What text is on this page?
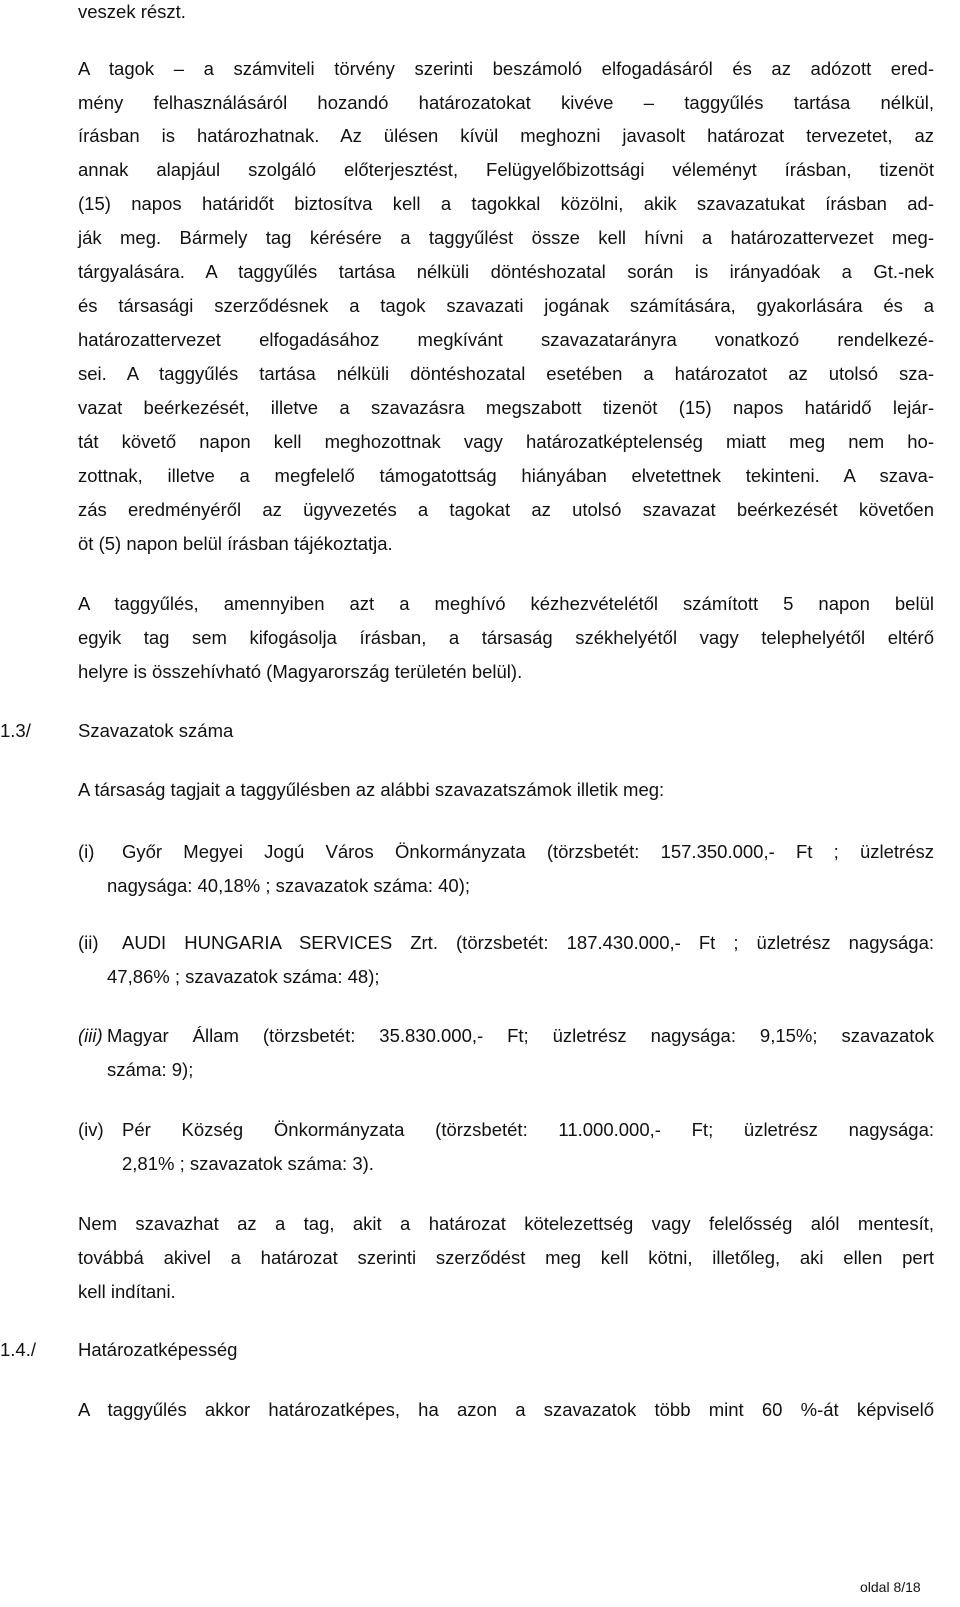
veszek részt.
A tagok – a számviteli törvény szerinti beszámoló elfogadásáról és az adózott ered-
mény felhasználásáról hozandó határozatokat kivéve – taggyűlés tartása nélkül,
írásban is határozhatnak. Az ülésen kívül meghozni javasolt határozat tervezetet, az
annak alapjául szolgáló előterjesztést, Felügyelőbizottsági véleményt írásban, tizenöt
(15) napos határidőt biztosítva kell a tagokkal közölni, akik szavazatukat írásban ad-
ják meg. Bármely tag kérésére a taggyűlést össze kell hívni a határozattervezet meg-
tárgyalására. A taggyűlés tartása nélküli döntéshozatal során is irányadóak a Gt.-nek
és társasági szerződésnek a tagok szavazati jogának számítására, gyakorlására és a
határozattervezet elfogadásához megkívánt szavazatarányra vonatkozó rendelkezé-
sei. A taggyűlés tartása nélküli döntéshozatal esetében a határozatot az utolsó sza-
vazat beérkezését, illetve a szavazásra megszabott tizenöt (15) napos határidő lejár-
tát követő napon kell meghozottnak vagy határozatképtelenség miatt meg nem ho-
zottnak, illetve a megfelelő támogatottság hiányában elvetettnek tekinteni. A szava-
zás eredményéről az ügyvezetés a tagokat az utolsó szavazat beérkezését követően
öt (5) napon belül írásban tájékoztatja.
A taggyűlés, amennyiben azt a meghívó kézhezvételétől számított 5 napon belül
egyik tag sem kifogásolja írásban, a társaság székhelyétől vagy telephelyétől eltérő
helyre is összehívható (Magyarország területén belül).
1.3/	Szavazatok száma
A társaság tagjait a taggyűlésben az alábbi szavazatszámok illetik meg:
(i) Győr Megyei Jogú Város Önkormányzata (törzsbetét: 157.350.000,- Ft ; üzletrész
nagysága: 40,18% ; szavazatok száma: 40);
(ii) AUDI HUNGARIA SERVICES Zrt. (törzsbetét: 187.430.000,- Ft ; üzletrész nagysága:
47,86% ; szavazatok száma: 48);
(iii) Magyar Állam (törzsbetét: 35.830.000,- Ft; üzletrész nagysága: 9,15%; szavazatok
száma: 9);
(iv) Pér Község Önkormányzata (törzsbetét: 11.000.000,- Ft; üzletrész nagysága:
2,81% ; szavazatok száma: 3).
Nem szavazhat az a tag, akit a határozat kötelezettség vagy felelősség alól mentesít,
továbbá akivel a határozat szerinti szerződést meg kell kötni, illetőleg, aki ellen pert
kell indítani.
1.4./ Határozatképesség
A taggyűlés akkor határozatképes, ha azon a szavazatok több mint 60 %-át képviselő
oldal 8/18
